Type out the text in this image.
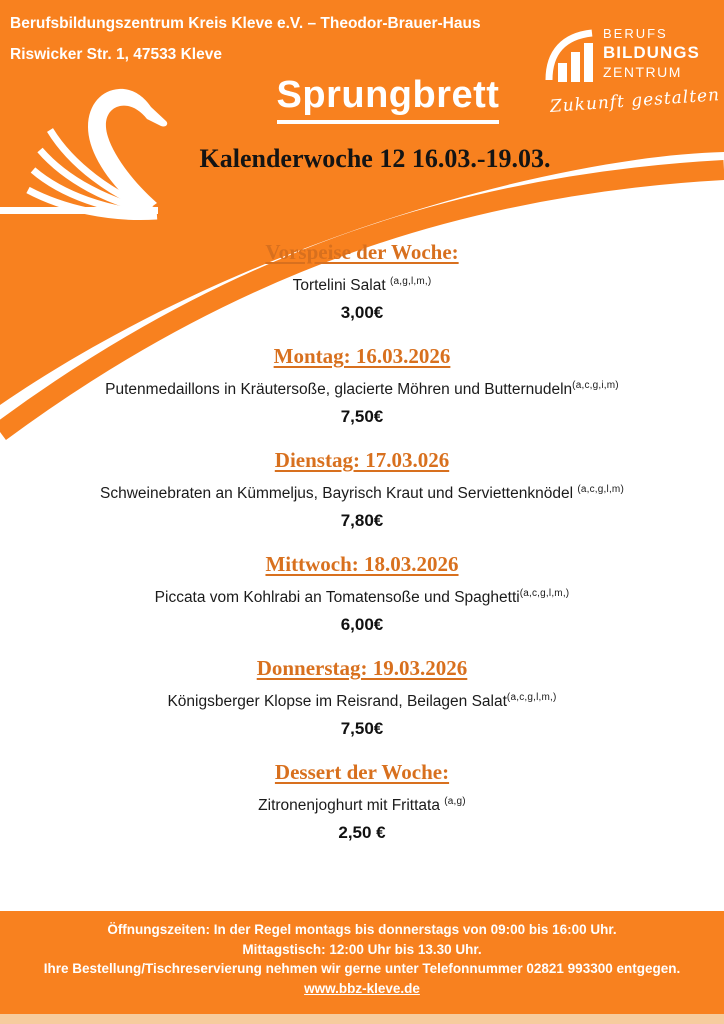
Berufsbildungszentrum Kreis Kleve e.V. – Theodor-Brauer-Haus
Riswicker Str. 1, 47533 Kleve
BERUFS
BILDUNGS
ZENTRUM
Zukunft gestalten
Sprungbrett
Kalenderwoche 12 16.03.-19.03.
Vorspeise der Woche:

Tortelini Salat $^{(a,g,l,m,)}$

3,00€

Montag: 16.03.2026

Putenmedaillons in Kräutersoße, glacierte Möhren und Butternudeln$^{(a,c,g,i,m)}$

7,50€

Dienstag: 17.03.026

Schweinebraten an Kümmeljus, Bayrisch Kraut und Serviettenknödel $^{(a,c,g,l,m)}$

7,80€

Mittwoch: 18.03.2026

Piccata vom Kohlrabi an Tomatensoße und Spaghetti$^{(a,c,g,l,m,)}$

6,00€

Donnerstag: 19.03.2026

Königsberger Klopse im Reisrand, Beilagen Salat$^{(a,c,g,l,m,)}$

7,50€

Dessert der Woche:

Zitronenjoghurt mit Frittata $^{(a,g)}$

2,50 €

Öffnungszeiten: In der Regel montags bis donnerstags von 09:00 bis 16:00 Uhr.
Mittagstisch: 12:00 Uhr bis 13.30 Uhr.
Ihre Bestellung/Tischreservierung nehmen wir gerne unter Telefonnummer 02821 993300 entgegen.
www.bbz-kleve.de
